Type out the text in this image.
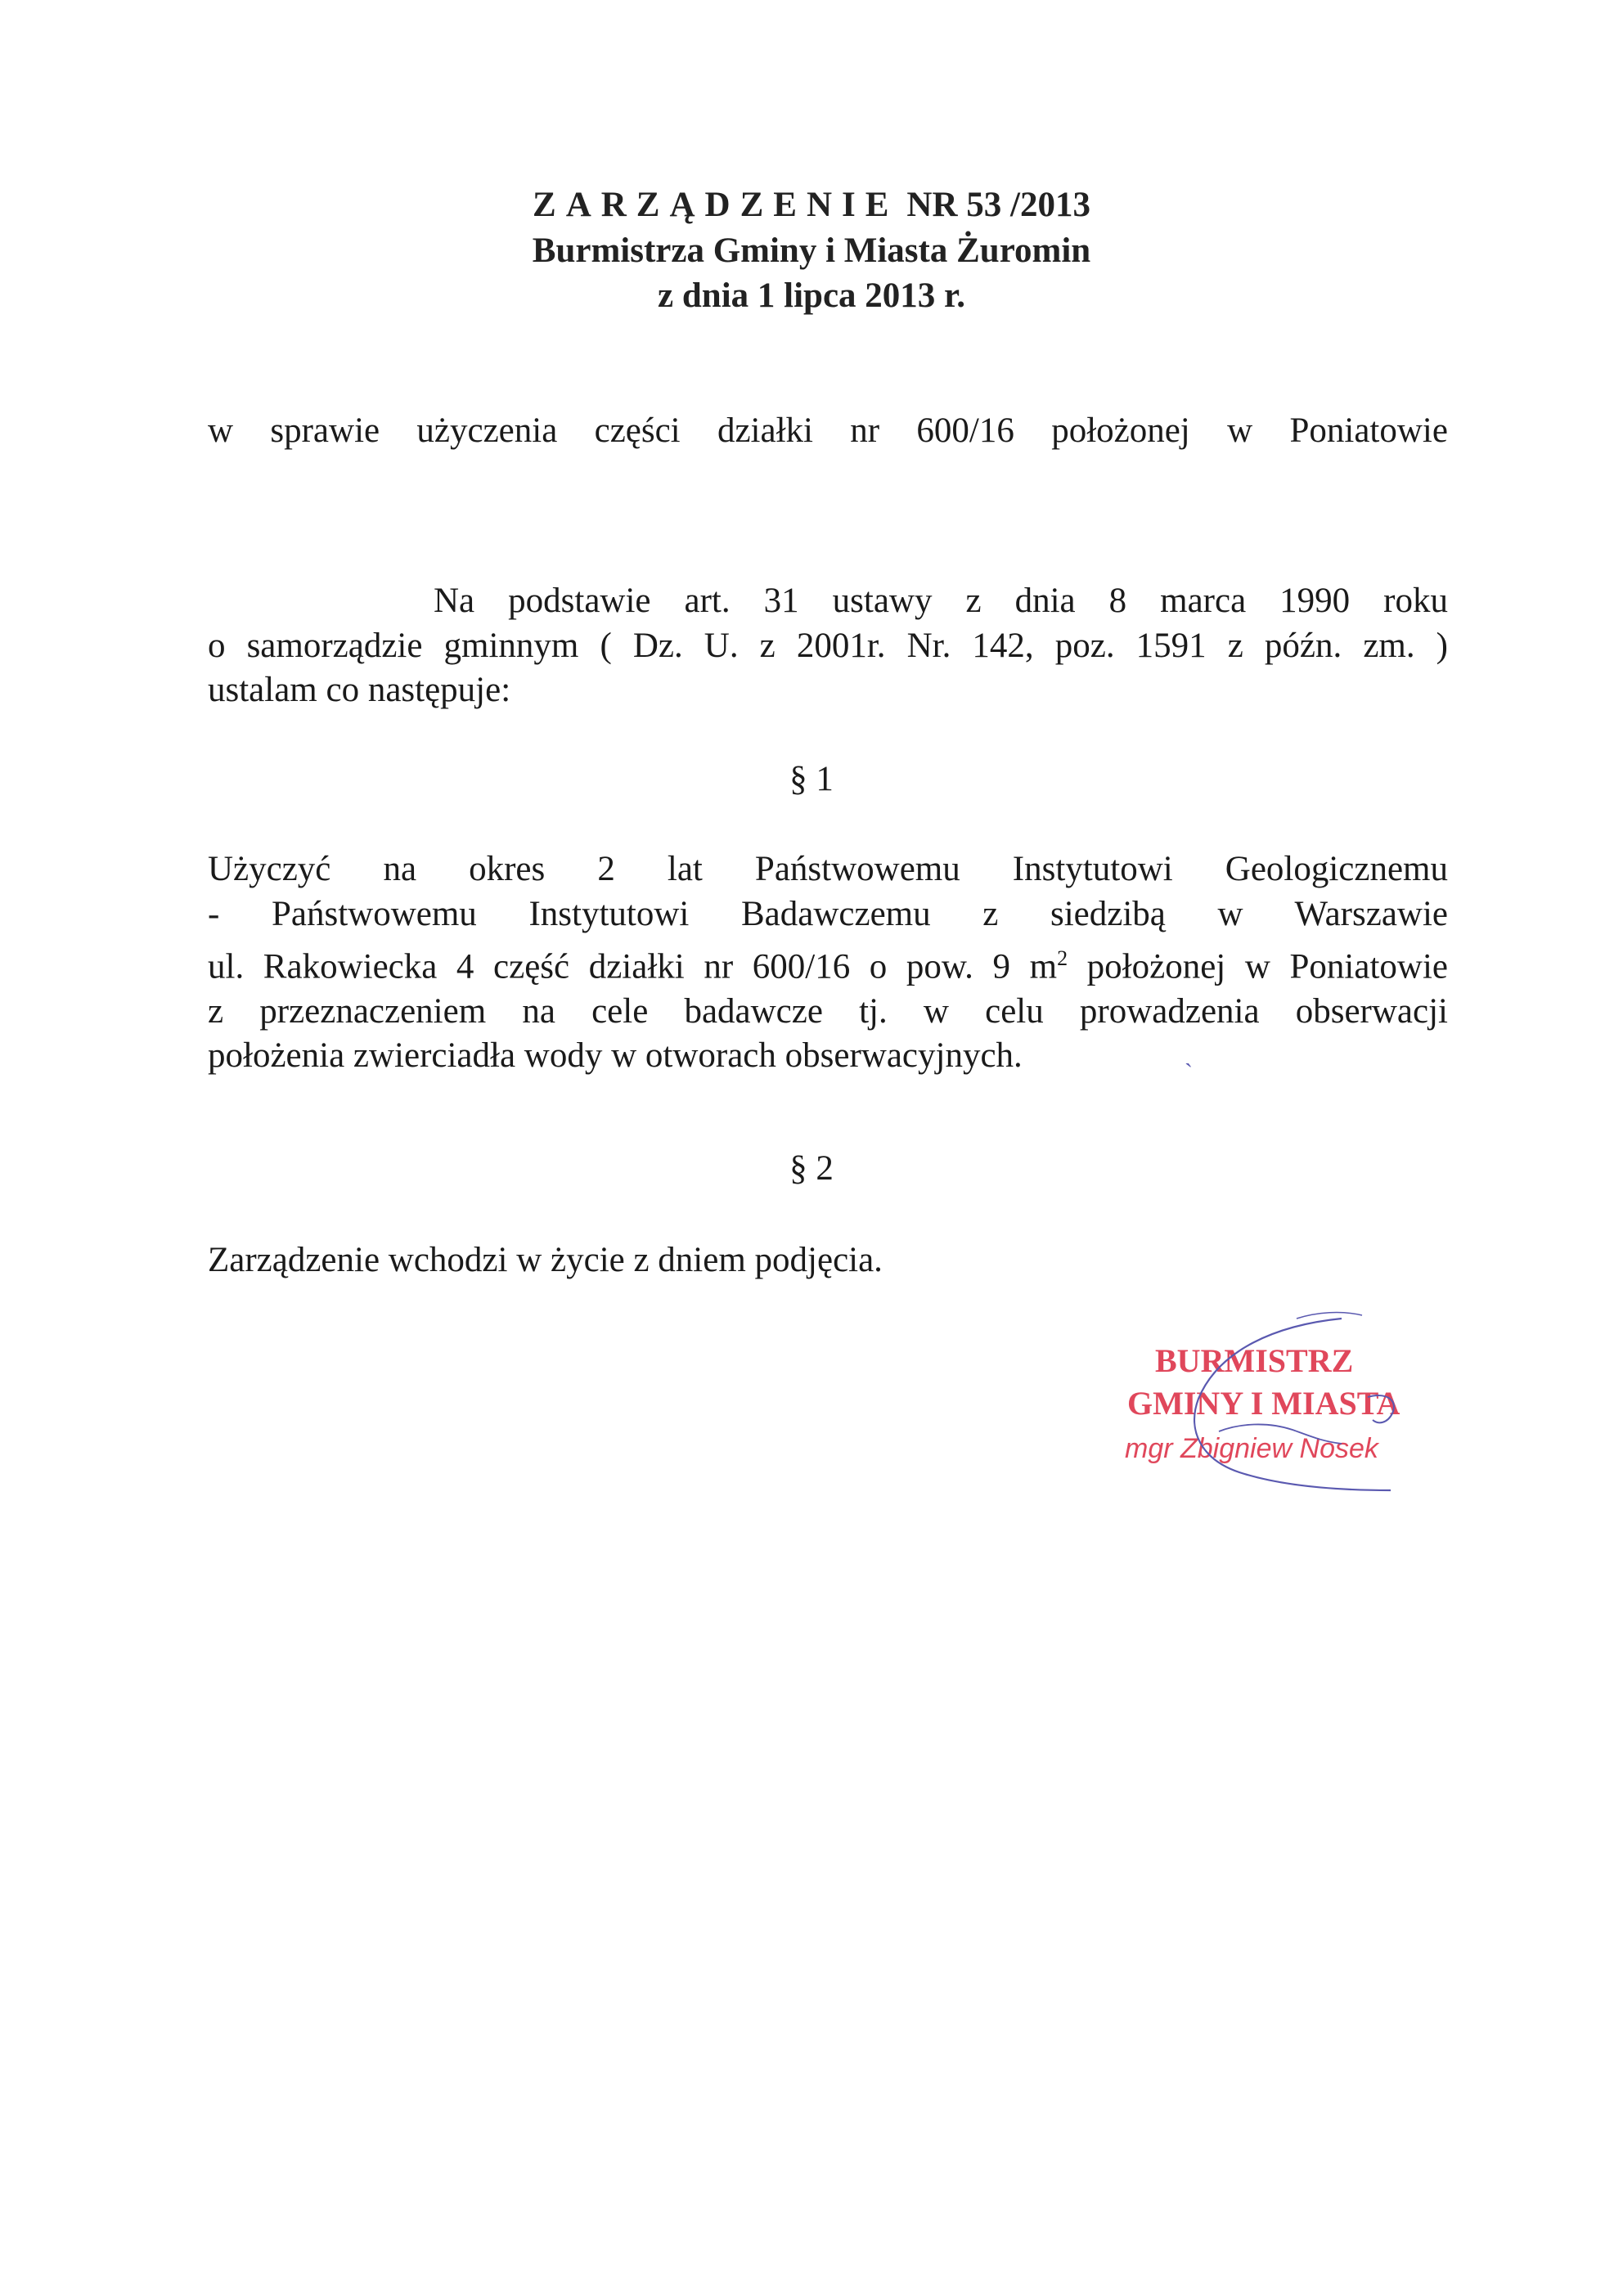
ZARZĄDZENIE NR 53 /2013
Burmistrza Gminy i Miasta Żuromin
z dnia 1 lipca 2013 r.
w sprawie użyczenia części działki nr 600/16 położonej w Poniatowie
Na podstawie art. 31 ustawy z dnia 8 marca 1990 roku
o samorządzie gminnym ( Dz. U. z 2001r. Nr. 142, poz. 1591 z późn. zm. )
ustalam co następuje:
§ 1
Użyczyć na okres 2 lat Państwowemu Instytutowi Geologicznemu
- Państwowemu Instytutowi Badawczemu z siedzibą w Warszawie
ul. Rakowiecka 4 część działki nr 600/16 o pow. 9 $m^2$ położonej w Poniatowie
z przeznaczeniem na cele badawcze tj. w celu prowadzenia obserwacji
położenia zwierciadła wody w otworach obserwacyjnych.	ˏ
§ 2
Zarządzenie wchodzi w życie z dniem podjęcia.
BURMISTRZ
GMINY I MIASTA
mgr Zbigniew Nosek
